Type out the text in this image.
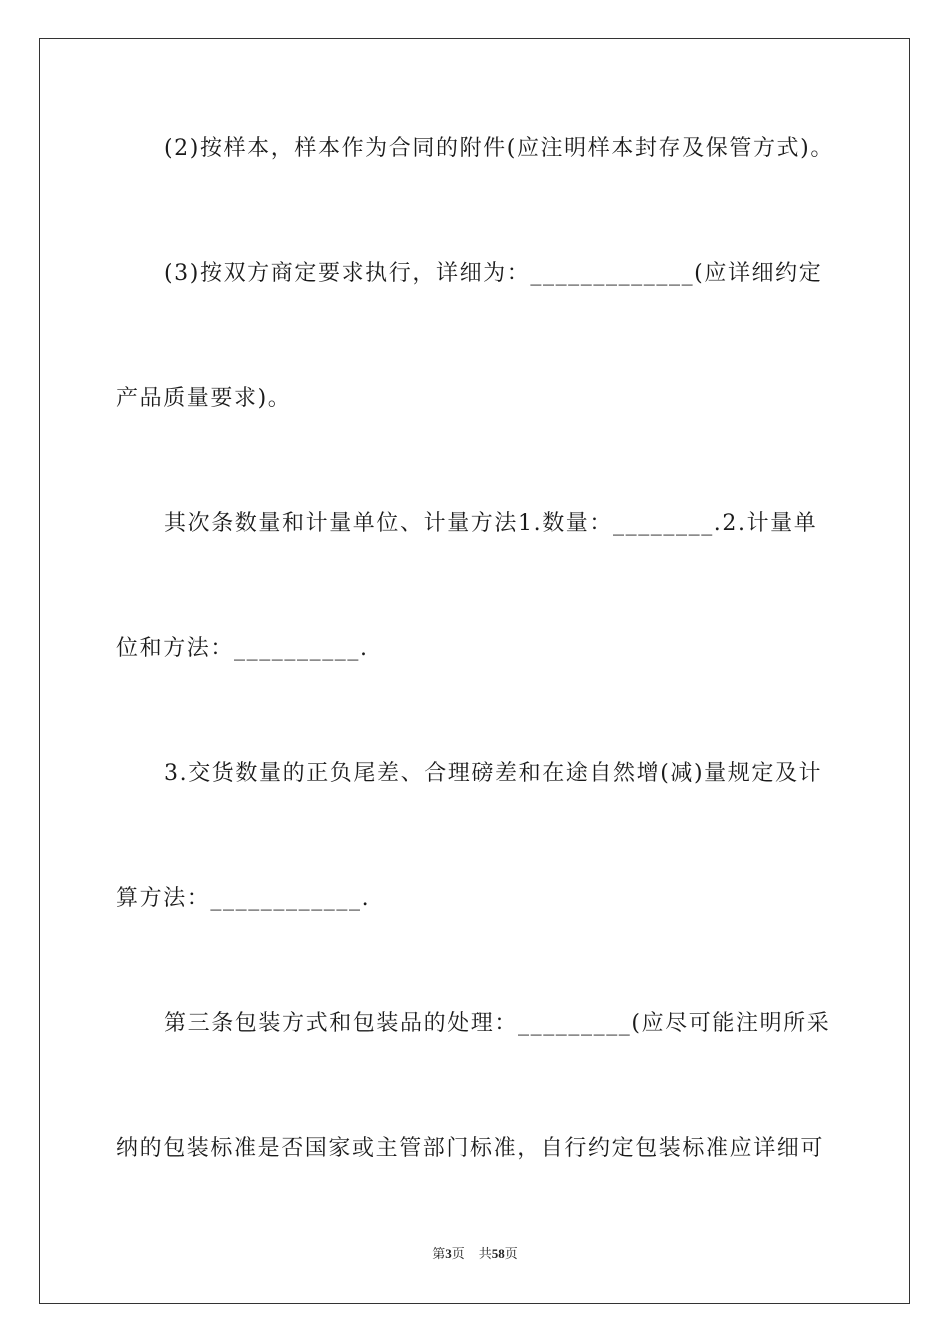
(2)按样本，样本作为合同的附件(应注明样本封存及保管方式)。
(3)按双方商定要求执行，详细为：_____________(应详细约定
产品质量要求)。
其次条数量和计量单位、计量方法1.数量：________.2.计量单
位和方法：__________.
3.交货数量的正负尾差、合理磅差和在途自然增(减)量规定及计
算方法：____________.
第三条包装方式和包装品的处理：_________(应尽可能注明所采
纳的包装标准是否国家或主管部门标准，自行约定包装标准应详细可
第3页 共58页
